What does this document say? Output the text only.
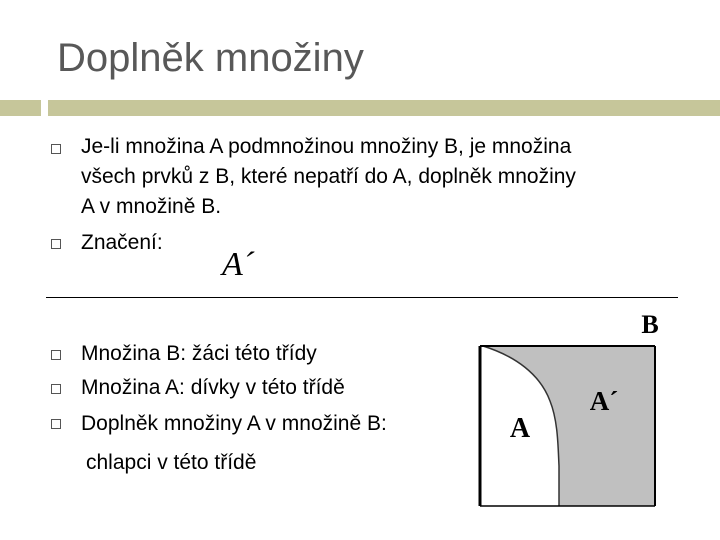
Doplněk množiny
Je-li množina A podmnožinou množiny B, je množina
všech prvků z B, které nepatří do A, doplněk množiny
A v množině B.
Značení:
A´
Množina B: žáci této třídy
Množina A: dívky v této třídě
Doplněk množiny A v množině B:
chlapci v této třídě
B
A
A´
